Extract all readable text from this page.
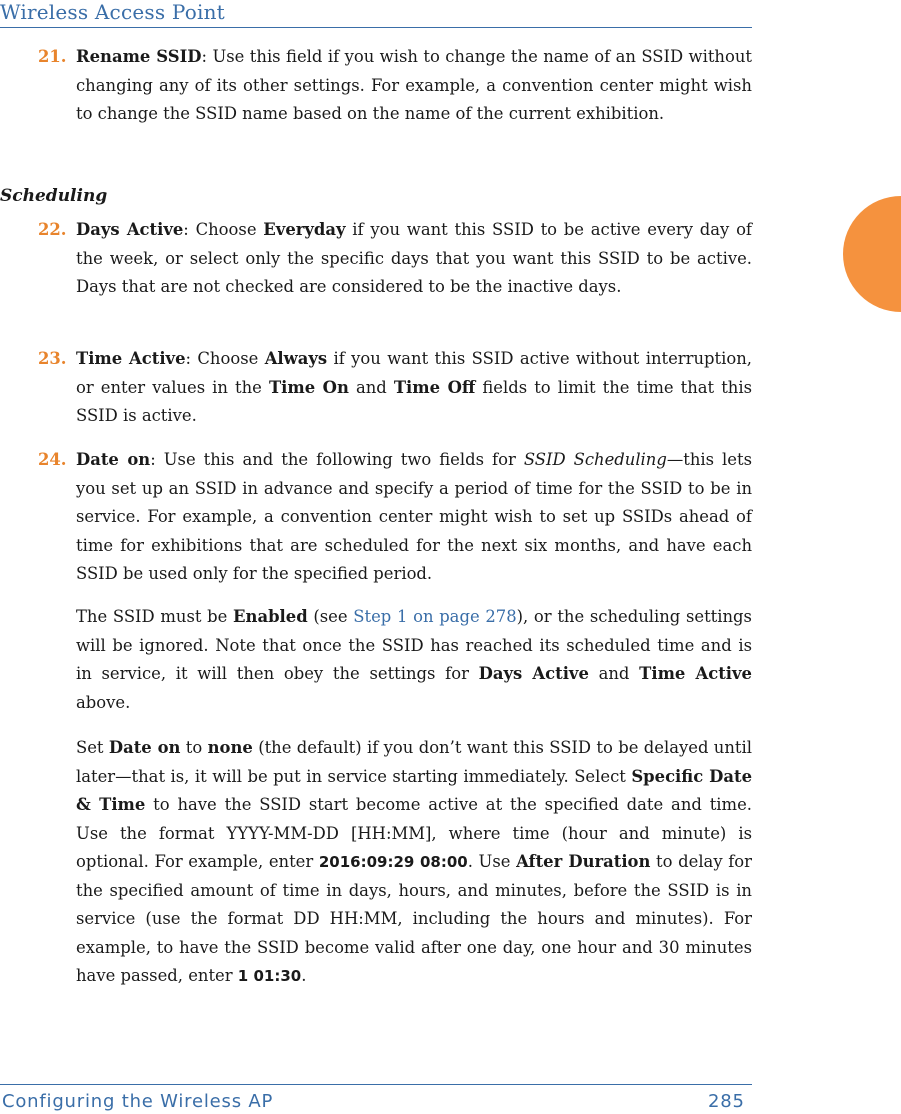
Wireless Access Point
21. Rename SSID: Use this field if you wish to change the name of an SSID without changing any of its other settings. For example, a convention center might wish to change the SSID name based on the name of the current exhibition.
Scheduling
22. Days Active: Choose Everyday if you want this SSID to be active every day of the week, or select only the specific days that you want this SSID to be active. Days that are not checked are considered to be the inactive days.
23. Time Active: Choose Always if you want this SSID active without interruption, or enter values in the Time On and Time Off fields to limit the time that this SSID is active.
24. Date on: Use this and the following two fields for SSID Scheduling—this lets you set up an SSID in advance and specify a period of time for the SSID to be in service. For example, a convention center might wish to set up SSIDs ahead of time for exhibitions that are scheduled for the next six months, and have each SSID be used only for the specified period.
The SSID must be Enabled (see Step 1 on page 278), or the scheduling settings will be ignored. Note that once the SSID has reached its scheduled time and is in service, it will then obey the settings for Days Active and Time Active above.
Set Date on to none (the default) if you don’t want this SSID to be delayed until later—that is, it will be put in service starting immediately. Select Specific Date & Time to have the SSID start become active at the specified date and time. Use the format YYYY-MM-DD [HH:MM], where time (hour and minute) is optional. For example, enter 2016:09:29 08:00. Use After Duration to delay for the specified amount of time in days, hours, and minutes, before the SSID is in service (use the format DD HH:MM, including the hours and minutes). For example, to have the SSID become valid after one day, one hour and 30 minutes have passed, enter 1 01:30.
Configuring the Wireless AP	285
